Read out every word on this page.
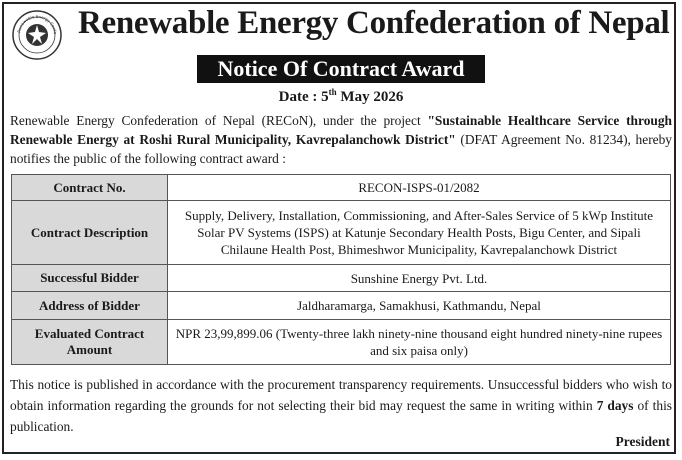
Renewable Energy Confe Renewable Energy Confederation of Nepal
Notice Of Contract Award
Date : 5th May 2026
Renewable Energy Confederation of Nepal (RECoN), under the project "Sustainable Healthcare Service through Renewable Energy at Roshi Rural Municipality, Kavrepalanchowk District" (DFAT Agreement No. 81234), hereby notifies the public of the following contract award :
Contract No.	RECON-ISPS-01/2082
Contract Description	Supply, Delivery, Installation, Commissioning, and After-Sales Service of 5 kWp Institute Solar PV Systems (ISPS) at Katunje Secondary Health Posts, Bigu Center, and Sipali Chilaune Health Post, Bhimeshwor Municipality, Kavrepalanchowk District
Successful Bidder	Sunshine Energy Pvt. Ltd.
Address of Bidder	Jaldharamarga, Samakhusi, Kathmandu, Nepal
Evaluated Contract Amount	NPR 23,99,899.06 (Twenty-three lakh ninety-nine thousand eight hundred ninety-nine rupees and six paisa only)
This notice is published in accordance with the procurement transparency requirements. Unsuccessful bidders who wish to obtain information regarding the grounds for not selecting their bid may request the same in writing within 7 days of this publication.
President
